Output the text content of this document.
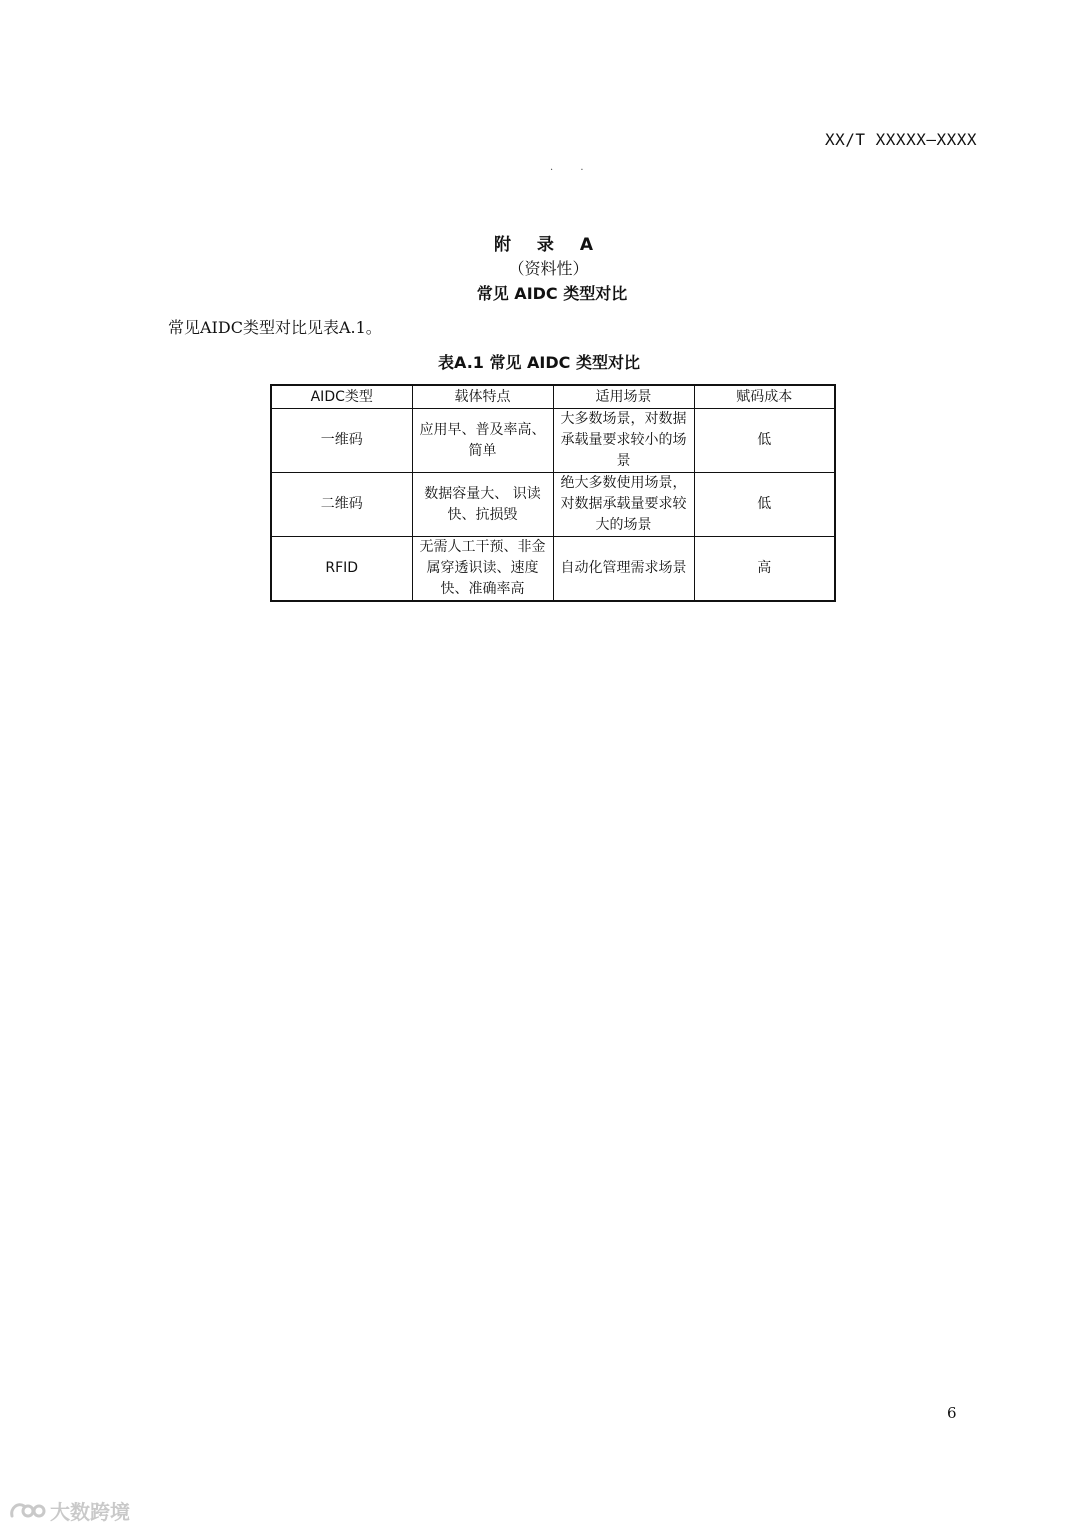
XX/T XXXXX—XXXX
· ·
附 录 A
（资料性）
常见 AIDC 类型对比
常见AIDC类型对比见表A.1。
表A.1 常见 AIDC 类型对比
AIDC类型	载体特点	适用场景	赋码成本
一维码	应用早、普及率高、简单	大多数场景，对数据承载量要求较小的场景	低
二维码	数据容量大、 识读快、抗损毁	绝大多数使用场景，对数据承载量要求较大的场景	低
RFID	无需人工干预、非金属穿透识读、速度快、准确率高	自动化管理需求场景	高
6
大数跨境
